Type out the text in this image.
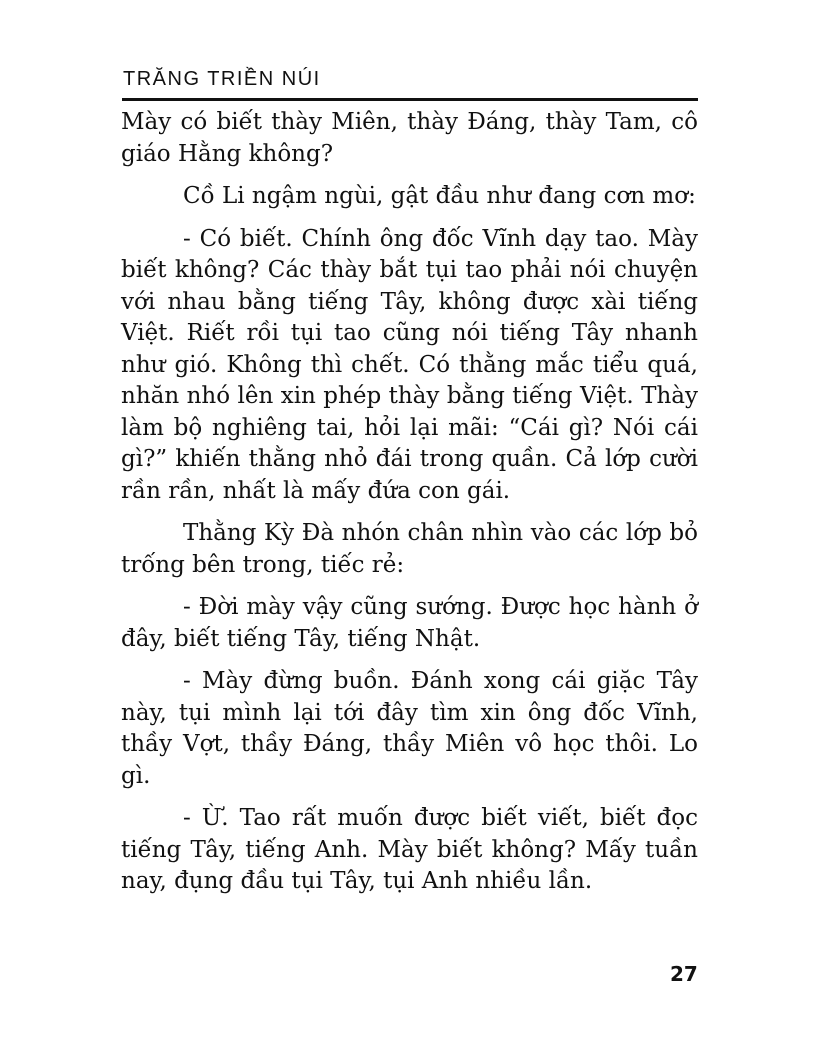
TRĂNG TRIỀN NÚI

Mày có biết thày Miên, thày Đáng, thày Tam, cô giáo Hằng không?

Cồ Li ngậm ngùi, gật đầu như đang cơn mơ:

- Có biết. Chính ông đốc Vĩnh dạy tao. Mày biết không? Các thày bắt tụi tao phải nói chuyện với nhau bằng tiếng Tây, không được xài tiếng Việt. Riết rồi tụi tao cũng nói tiếng Tây nhanh như gió. Không thì chết. Có thằng mắc tiểu quá, nhăn nhó lên xin phép thày bằng tiếng Việt. Thày làm bộ nghiêng tai, hỏi lại mãi: “Cái gì? Nói cái gì?” khiến thằng nhỏ đái trong quần. Cả lớp cười rần rần, nhất là mấy đứa con gái.

Thằng Kỳ Đà nhón chân nhìn vào các lớp bỏ trống bên trong, tiếc rẻ:

- Đời mày vậy cũng sướng. Được học hành ở đây, biết tiếng Tây, tiếng Nhật.

- Mày đừng buồn. Đánh xong cái giặc Tây này, tụi mình lại tới đây tìm xin ông đốc Vĩnh, thầy Vợt, thầy Đáng, thầy Miên vô học thôi. Lo gì.

- Ừ. Tao rất muốn được biết viết, biết đọc tiếng Tây, tiếng Anh. Mày biết không? Mấy tuần nay, đụng đầu tụi Tây, tụi Anh nhiều lần.

27
